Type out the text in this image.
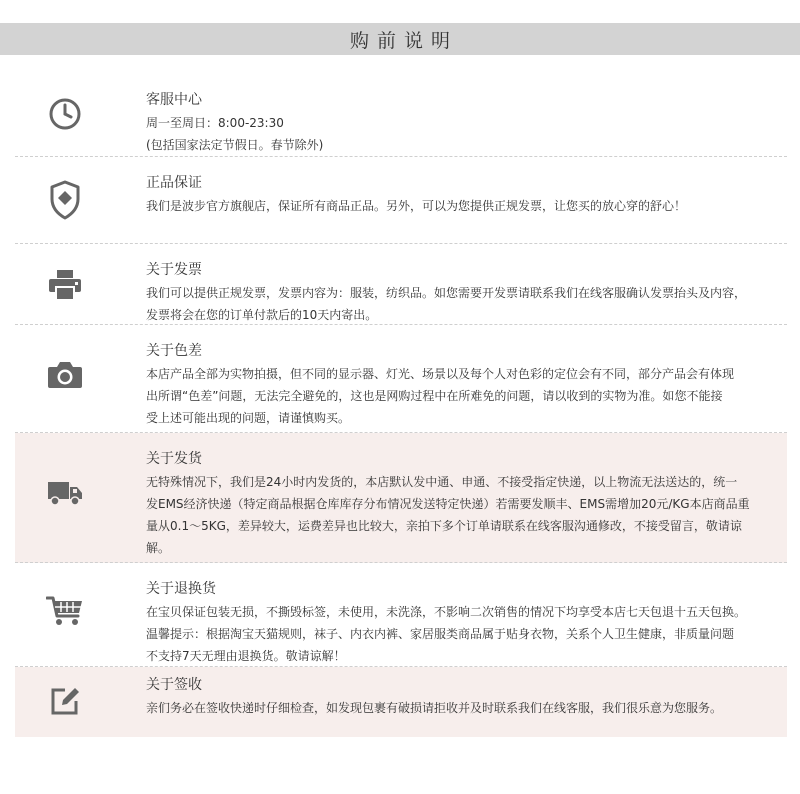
购前说明
客服中心

周一至周日：8:00-23:30

(包括国家法定节假日。春节除外)

正品保证

我们是波步官方旗舰店，保证所有商品正品。另外，可以为您提供正规发票，让您买的放心穿的舒心！

关于发票

我们可以提供正规发票，发票内容为：服装，纺织品。如您需要开发票请联系我们在线客服确认发票抬头及内容，

发票将会在您的订单付款后的10天内寄出。

关于色差

本店产品全部为实物拍摄，但不同的显示器、灯光、场景以及每个人对色彩的定位会有不同，部分产品会有体现

出所谓“色差”问题，无法完全避免的，这也是网购过程中在所难免的问题，请以收到的实物为准。如您不能接

受上述可能出现的问题，请谨慎购买。

关于发货

无特殊情况下，我们是24小时内发货的，本店默认发中通、申通、不接受指定快递，以上物流无法送达的，统一

发EMS经济快递（特定商品根据仓库库存分布情况发送特定快递）若需要发顺丰、EMS需增加20元/KG本店商品重

量从0.1～5KG，差异较大，运费差异也比较大，亲拍下多个订单请联系在线客服沟通修改，不接受留言，敬请谅

解。

关于退换货

在宝贝保证包装无损，不撕毁标签，未使用，未洗涤，不影响二次销售的情况下均享受本店七天包退十五天包换。

温馨提示：根据淘宝天猫规则，袜子、内衣内裤、家居服类商品属于贴身衣物，关系个人卫生健康，非质量问题

不支持7天无理由退换货。敬请谅解！

关于签收

亲们务必在签收快递时仔细检查，如发现包裹有破损请拒收并及时联系我们在线客服，我们很乐意为您服务。
